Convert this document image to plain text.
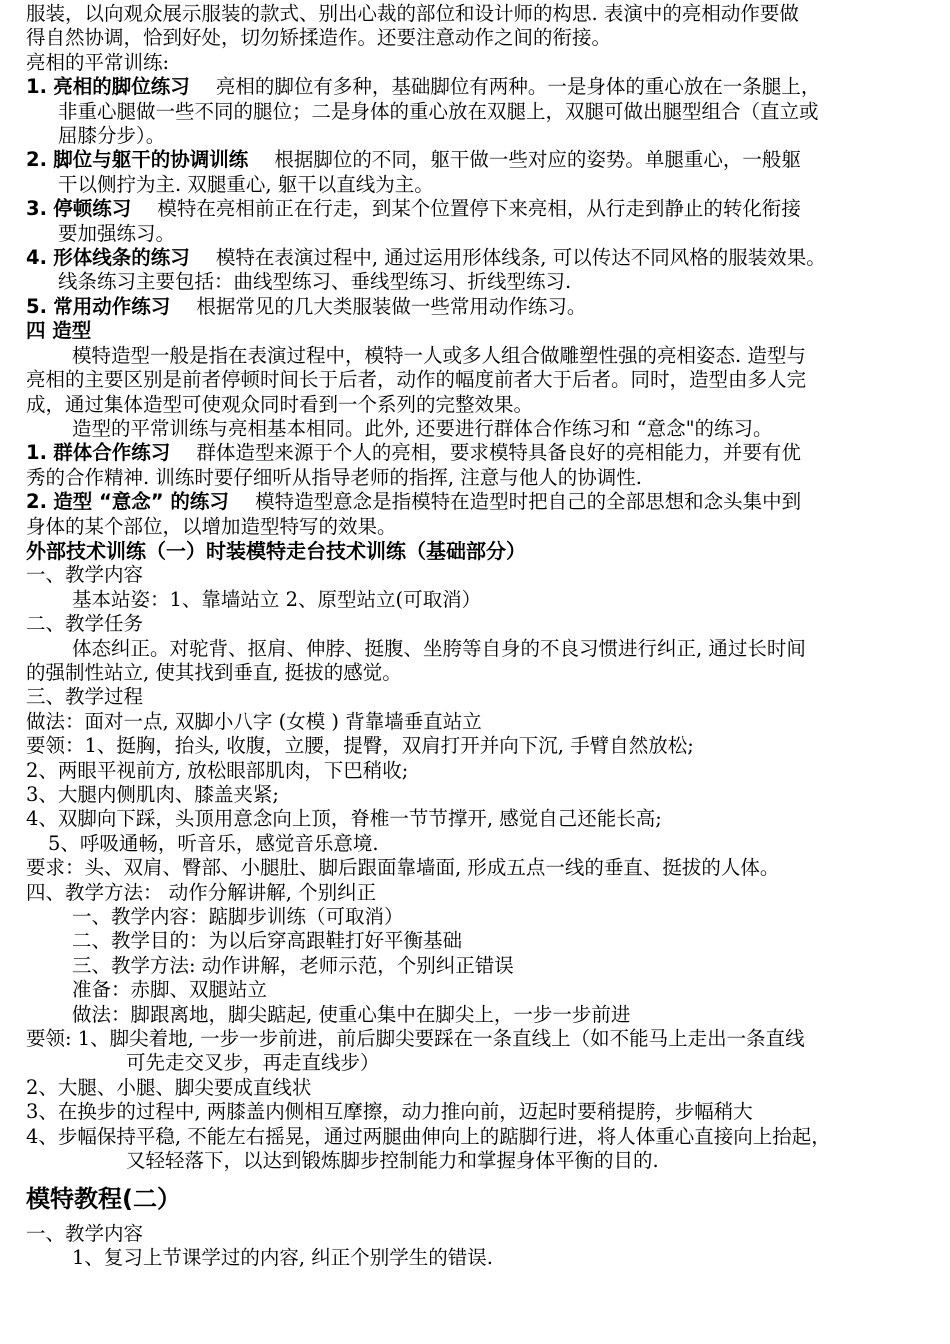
服装，以向观众展示服装的款式、别出心裁的部位和设计师的构思. 表演中的亮相动作要做
得自然协调，恰到好处，切勿矫揉造作。还要注意动作之间的衔接。
亮相的平常训练:
1. 亮相的脚位练习 亮相的脚位有多种，基础脚位有两种。一是身体的重心放在一条腿上，
非重心腿做一些不同的腿位；二是身体的重心放在双腿上，双腿可做出腿型组合（直立或
屈膝分步）。
2. 脚位与躯干的协调训练 根据脚位的不同，躯干做一些对应的姿势。单腿重心，一般躯
干以侧拧为主. 双腿重心, 躯干以直线为主。
3. 停顿练习 模特在亮相前正在行走，到某个位置停下来亮相，从行走到静止的转化衔接
要加强练习。
4. 形体线条的练习 模特在表演过程中, 通过运用形体线条, 可以传达不同风格的服装效果。
线条练习主要包括：曲线型练习、垂线型练习、折线型练习.
5. 常用动作练习 根据常见的几大类服装做一些常用动作练习。
四 造型
模特造型一般是指在表演过程中，模特一人或多人组合做雕塑性强的亮相姿态. 造型与
亮相的主要区别是前者停顿时间长于后者，动作的幅度前者大于后者。同时，造型由多人完
成，通过集体造型可使观众同时看到一个系列的完整效果。
造型的平常训练与亮相基本相同。此外, 还要进行群体合作练习和 “意念"的练习。
1. 群体合作练习 群体造型来源于个人的亮相，要求模特具备良好的亮相能力，并要有优
秀的合作精神. 训练时要仔细听从指导老师的指挥, 注意与他人的协调性.
2. 造型 “意念” 的练习 模特造型意念是指模特在造型时把自己的全部思想和念头集中到
身体的某个部位，以增加造型特写的效果。
外部技术训练（一）时装模特走台技术训练（基础部分）
一、教学内容
基本站姿：1、靠墙站立 2、原型站立(可取消）
二、教学任务
体态纠正。对驼背、抠肩、伸脖、挺腹、坐胯等自身的不良习惯进行纠正, 通过长时间
的强制性站立, 使其找到垂直, 挺拔的感觉。
三、教学过程
做法：面对一点, 双脚小八字 (女模 ) 背靠墙垂直站立
要领：1、挺胸，抬头, 收腹，立腰，提臀，双肩打开并向下沉, 手臂自然放松;
2、两眼平视前方, 放松眼部肌肉，下巴稍收;
3、大腿内侧肌肉、膝盖夹紧;
4、双脚向下踩，头顶用意念向上顶，脊椎一节节撑开, 感觉自己还能长高;
5、呼吸通畅，听音乐，感觉音乐意境.
要求：头、双肩、臀部、小腿肚、脚后跟面靠墙面, 形成五点一线的垂直、挺拔的人体。
四、教学方法： 动作分解讲解, 个别纠正
一、教学内容：踮脚步训练（可取消）
二、教学目的：为以后穿高跟鞋打好平衡基础
三、教学方法: 动作讲解，老师示范，个别纠正错误
准备：赤脚、双腿站立
做法：脚跟离地，脚尖踮起, 使重心集中在脚尖上，一步一步前进
要领: 1、脚尖着地, 一步一步前进，前后脚尖要踩在一条直线上（如不能马上走出一条直线
可先走交叉步，再走直线步）
2、大腿、小腿、脚尖要成直线状
3、在换步的过程中, 两膝盖内侧相互摩擦，动力推向前，迈起时要稍提胯，步幅稍大
4、步幅保持平稳, 不能左右摇晃，通过两腿曲伸向上的踮脚行进，将人体重心直接向上抬起，
又轻轻落下，以达到锻炼脚步控制能力和掌握身体平衡的目的.
模特教程(二）
一、教学内容
1、复习上节课学过的内容, 纠正个别学生的错误.
